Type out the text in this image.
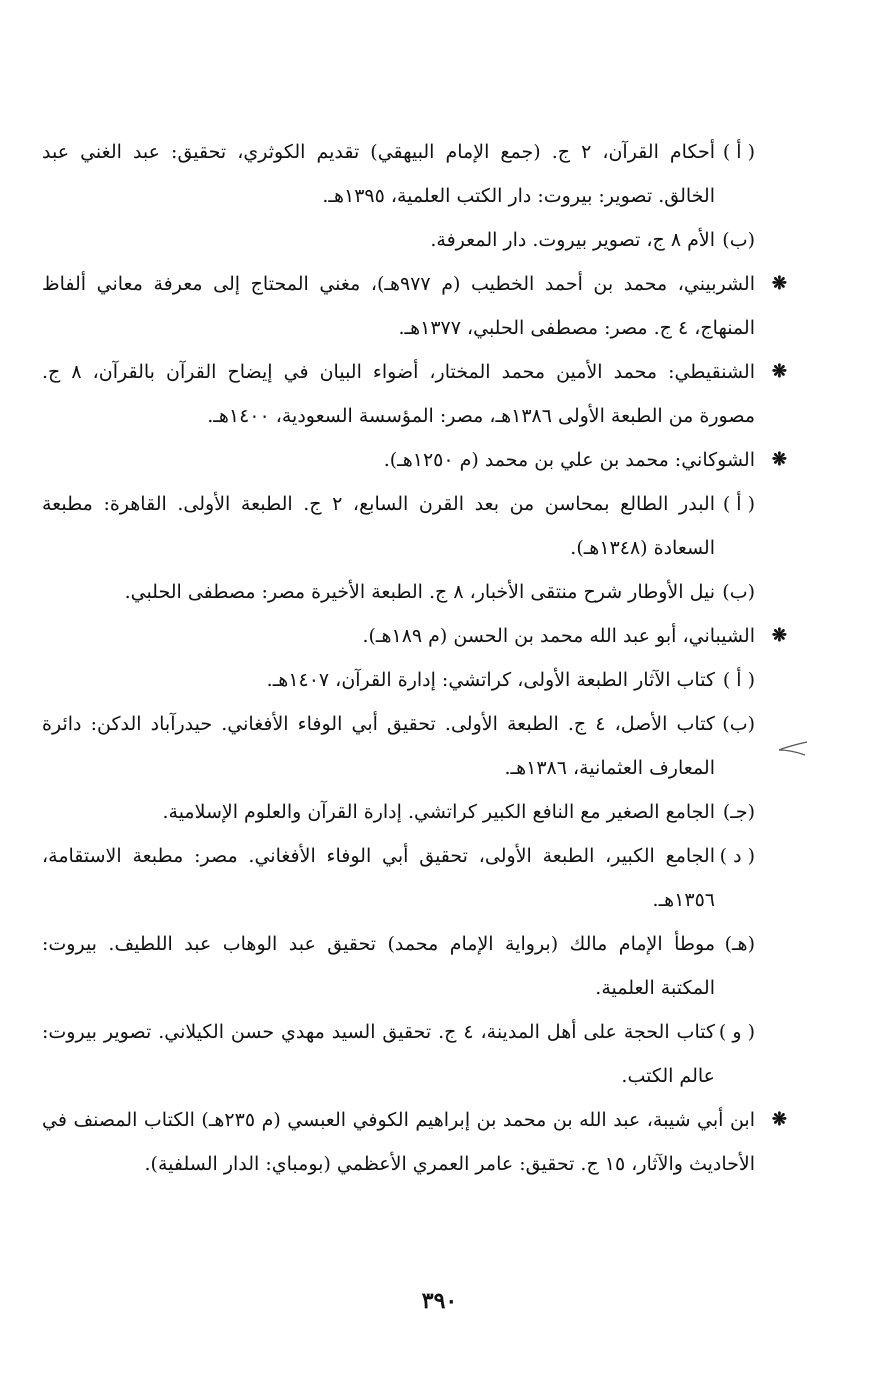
( أ )
أحكام القرآن، ٢ ج. (جمع الإمام البيهقي) تقديم الكوثري، تحقيق: عبد الغني عبد الخالق. تصوير: بيروت: دار الكتب العلمية، ١٣٩٥هـ.

(ب)
الأم ٨ ج، تصوير بيروت. دار المعرفة.

❋
الشربيني، محمد بن أحمد الخطيب (م ٩٧٧هـ)، مغني المحتاج إلى معرفة معاني ألفاظ المنهاج، ٤ ج. مصر: مصطفى الحلبي، ١٣٧٧هـ.

❋
الشنقيطي: محمد الأمين محمد المختار، أضواء البيان في إيضاح القرآن بالقرآن، ٨ ج. مصورة من الطبعة الأولى ١٣٨٦هـ، مصر: المؤسسة السعودية، ١٤٠٠هـ.

❋
الشوكاني: محمد بن علي بن محمد (م ١٢٥٠هـ).

( أ )
البدر الطالع بمحاسن من بعد القرن السابع، ٢ ج. الطبعة الأولى. القاهرة: مطبعة السعادة (١٣٤٨هـ).

(ب)
نيل الأوطار شرح منتقى الأخبار، ٨ ج. الطبعة الأخيرة مصر: مصطفى الحلبي.

❋
الشيباني، أبو عبد الله محمد بن الحسن (م ١٨٩هـ).

( أ )
كتاب الآثار الطبعة الأولى، كراتشي: إدارة القرآن، ١٤٠٧هـ.

(ب)
كتاب الأصل، ٤ ج. الطبعة الأولى. تحقيق أبي الوفاء الأفغاني. حيدرآباد الدكن: دائرة المعارف العثمانية، ١٣٨٦هـ.

(جـ)
الجامع الصغير مع النافع الكبير كراتشي. إدارة القرآن والعلوم الإسلامية.

( د )
الجامع الكبير، الطبعة الأولى، تحقيق أبي الوفاء الأفغاني. مصر: مطبعة الاستقامة، ١٣٥٦هـ.

(هـ)
موطأ الإمام مالك (برواية الإمام محمد) تحقيق عبد الوهاب عبد اللطيف. بيروت: المكتبة العلمية.

( و )
كتاب الحجة على أهل المدينة، ٤ ج. تحقيق السيد مهدي حسن الكيلاني. تصوير بيروت: عالم الكتب.

❋
ابن أبي شيبة، عبد الله بن محمد بن إبراهيم الكوفي العبسي (م ٢٣٥هـ) الكتاب المصنف في الأحاديث والآثار، ١٥ ج. تحقيق: عامر العمري الأعظمي (بومباي: الدار السلفية).

٣٩٠
